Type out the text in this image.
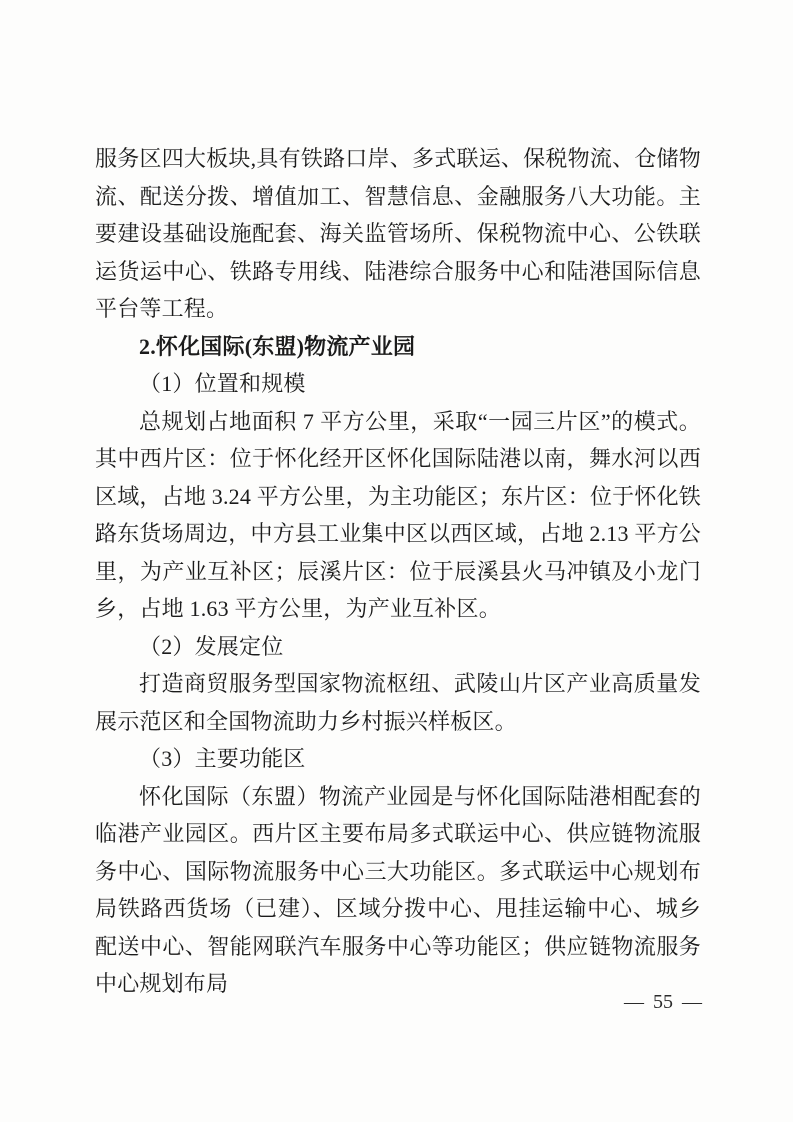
服务区四大板块,具有铁路口岸、多式联运、保税物流、仓储物流、配送分拨、增值加工、智慧信息、金融服务八大功能。主要建设基础设施配套、海关监管场所、保税物流中心、公铁联运货运中心、铁路专用线、陆港综合服务中心和陆港国际信息平台等工程。

2.怀化国际(东盟)物流产业园

（1）位置和规模

总规划占地面积 7 平方公里，采取“一园三片区”的模式。其中西片区：位于怀化经开区怀化国际陆港以南，舞水河以西区域，占地 3.24 平方公里，为主功能区；东片区：位于怀化铁路东货场周边，中方县工业集中区以西区域，占地 2.13 平方公里，为产业互补区；辰溪片区：位于辰溪县火马冲镇及小龙门乡，占地 1.63 平方公里，为产业互补区。

（2）发展定位

打造商贸服务型国家物流枢纽、武陵山片区产业高质量发展示范区和全国物流助力乡村振兴样板区。

（3）主要功能区

怀化国际（东盟）物流产业园是与怀化国际陆港相配套的临港产业园区。西片区主要布局多式联运中心、供应链物流服务中心、国际物流服务中心三大功能区。多式联运中心规划布局铁路西货场（已建）、区域分拨中心、甩挂运输中心、城乡配送中心、智能网联汽车服务中心等功能区；供应链物流服务中心规划布局

— 55 —
